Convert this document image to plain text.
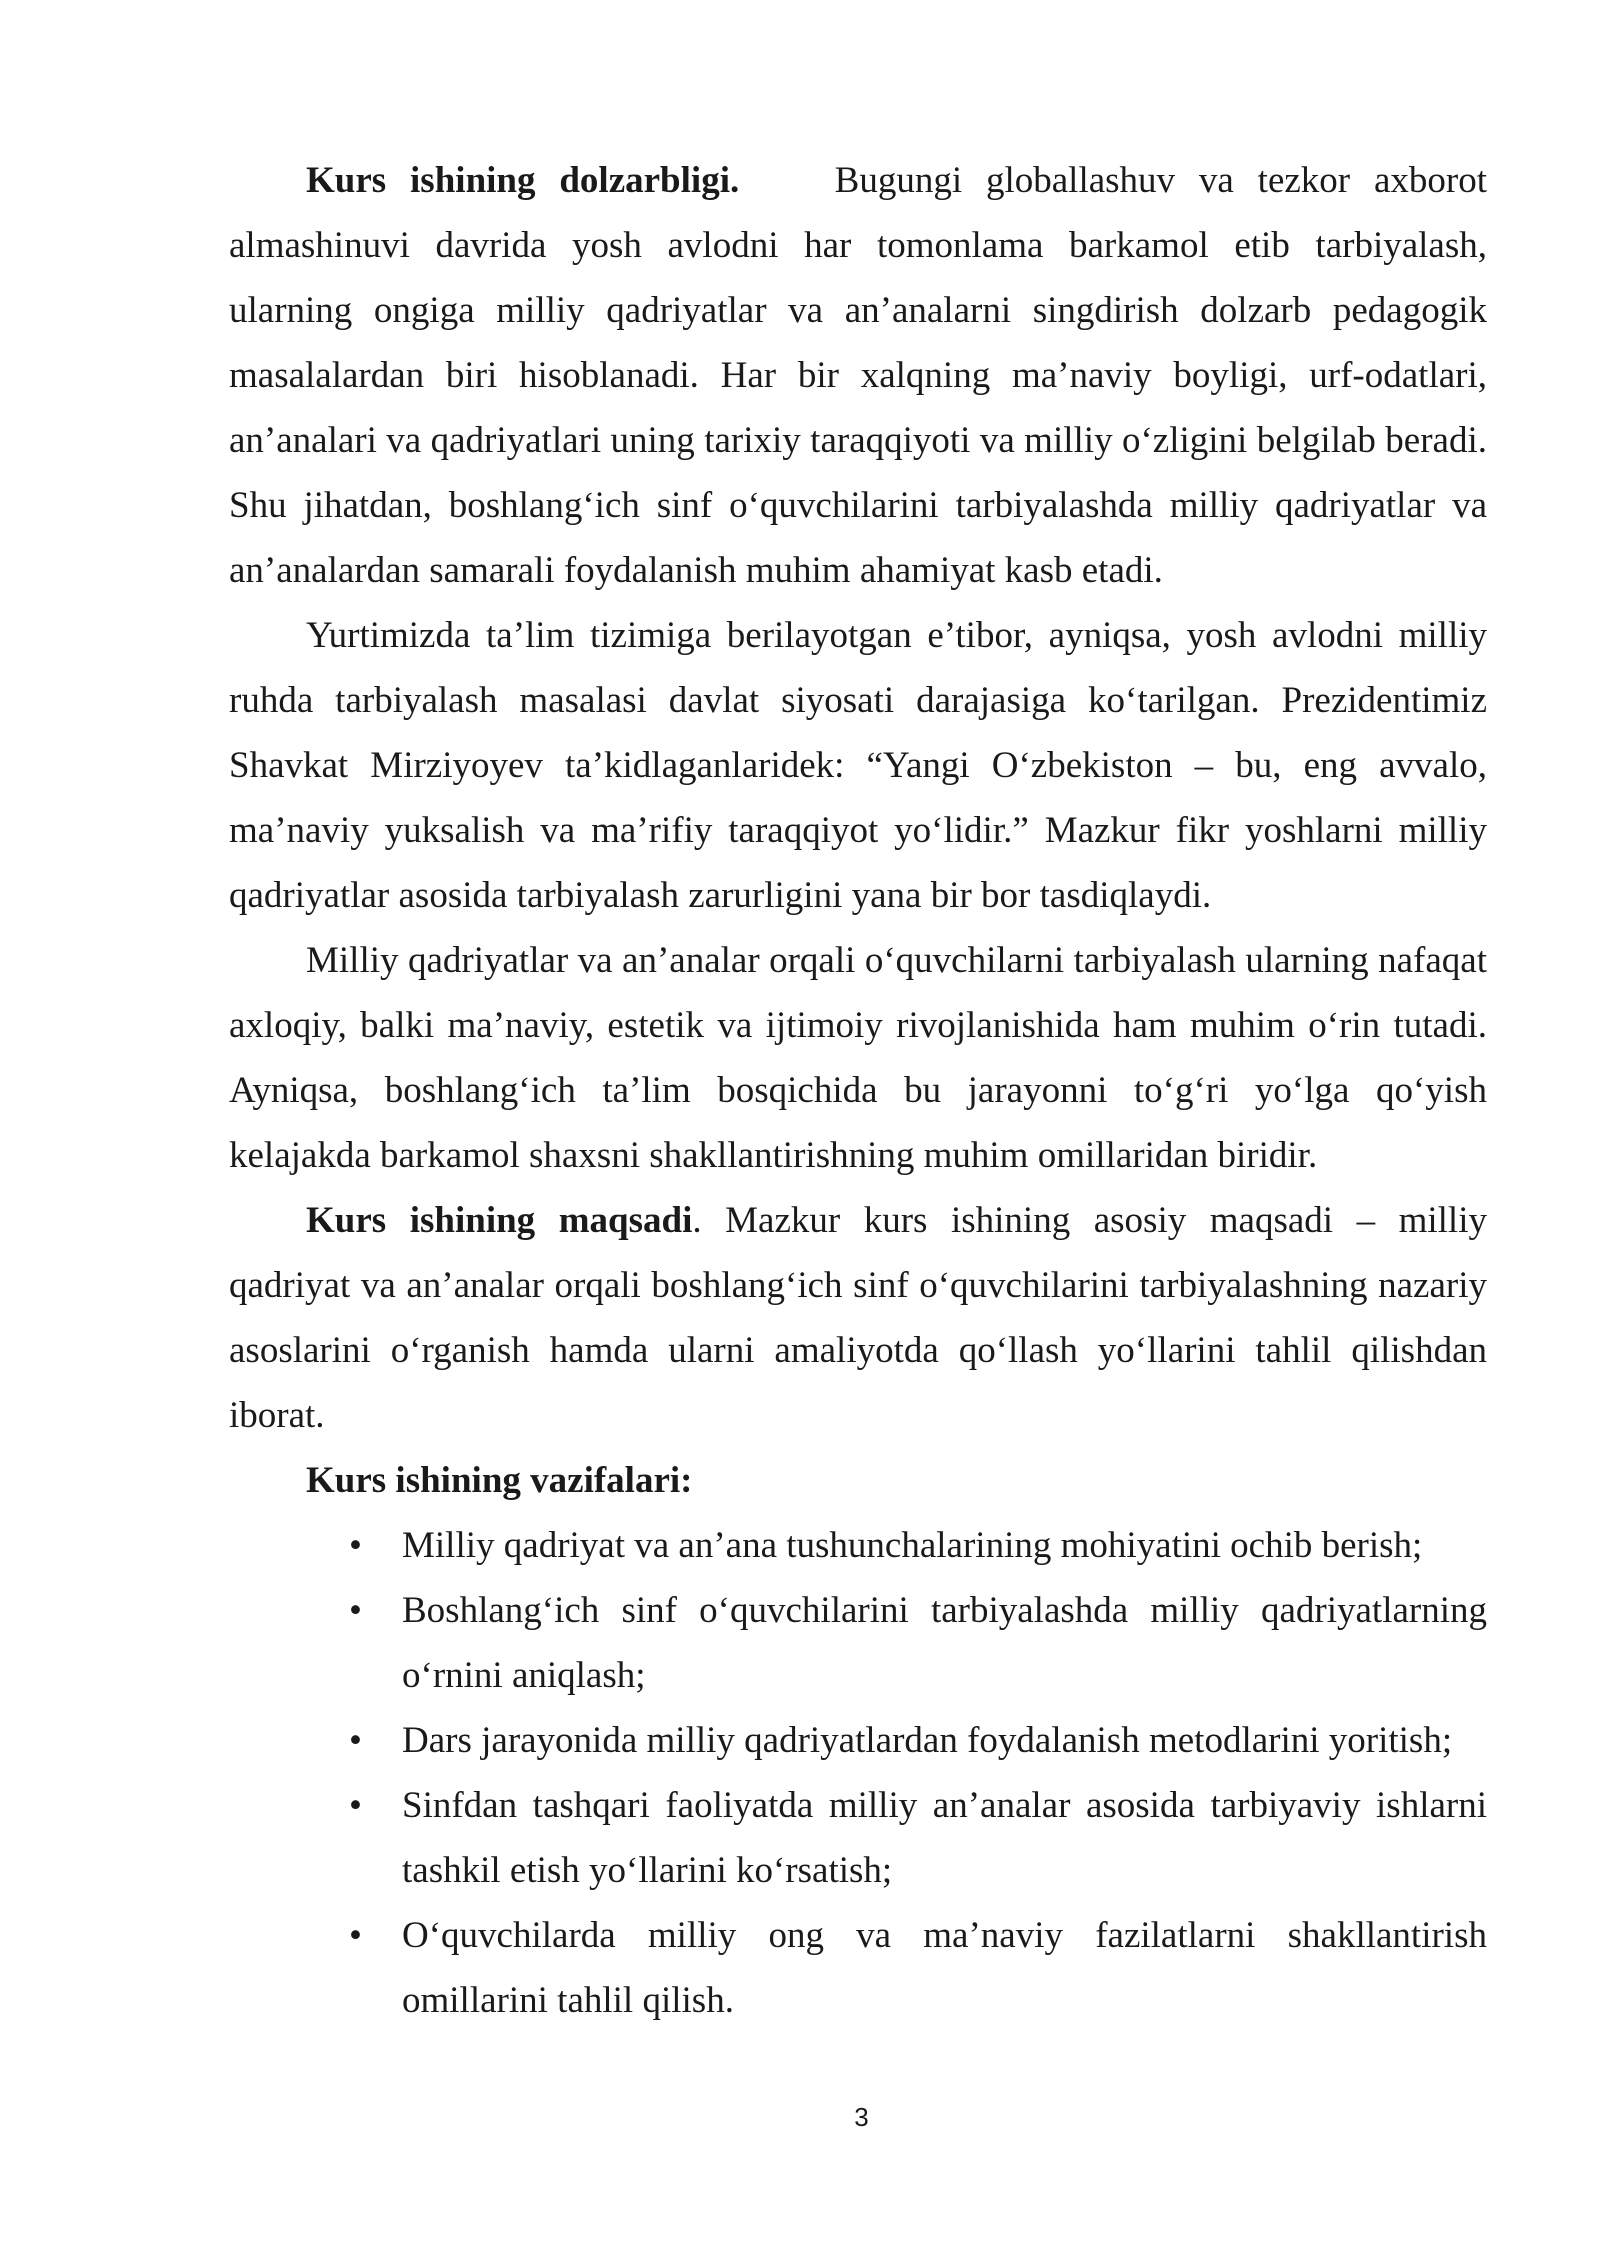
Kurs ishining dolzarbligi.	Bugungi globallashuv va tezkor axborot almashinuvi davrida yosh avlodni har tomonlama barkamol etib tarbiyalash, ularning ongiga milliy qadriyatlar va an’analarni singdirish dolzarb pedagogik masalalardan biri hisoblanadi. Har bir xalqning ma’naviy boyligi, urf-odatlari, an’analari va qadriyatlari uning tarixiy taraqqiyoti va milliy o‘zligini belgilab beradi. Shu jihatdan, boshlang‘ich sinf o‘quvchilarini tarbiyalashda milliy qadriyatlar va an’analardan samarali foydalanish muhim ahamiyat kasb etadi.

Yurtimizda ta’lim tizimiga berilayotgan e’tibor, ayniqsa, yosh avlodni milliy ruhda tarbiyalash masalasi davlat siyosati darajasiga ko‘tarilgan. Prezidentimiz Shavkat Mirziyoyev ta’kidlaganlaridek: “Yangi O‘zbekiston – bu, eng avvalo, ma’naviy yuksalish va ma’rifiy taraqqiyot yo‘lidir.” Mazkur fikr yoshlarni milliy qadriyatlar asosida tarbiyalash zarurligini yana bir bor tasdiqlaydi.

Milliy qadriyatlar va an’analar orqali o‘quvchilarni tarbiyalash ularning nafaqat axloqiy, balki ma’naviy, estetik va ijtimoiy rivojlanishida ham muhim o‘rin tutadi. Ayniqsa, boshlang‘ich ta’lim bosqichida bu jarayonni to‘g‘ri yo‘lga qo‘yish kelajakda barkamol shaxsni shakllantirishning muhim omillaridan biridir.

Kurs ishining maqsadi. Mazkur kurs ishining asosiy maqsadi – milliy qadriyat va an’analar orqali boshlang‘ich sinf o‘quvchilarini tarbiyalashning nazariy asoslarini o‘rganish hamda ularni amaliyotda qo‘llash yo‘llarini tahlil qilishdan iborat.

Kurs ishining vazifalari:

• Milliy qadriyat va an’ana tushunchalarining mohiyatini ochib berish;
• Boshlang‘ich sinf o‘quvchilarini tarbiyalashda milliy qadriyatlarning o‘rnini aniqlash;
• Dars jarayonida milliy qadriyatlardan foydalanish metodlarini yoritish;
• Sinfdan tashqari faoliyatda milliy an’analar asosida tarbiyaviy ishlarni tashkil etish yo‘llarini ko‘rsatish;
• O‘quvchilarda milliy ong va ma’naviy fazilatlarni shakllantirish omillarini tahlil qilish.
3
